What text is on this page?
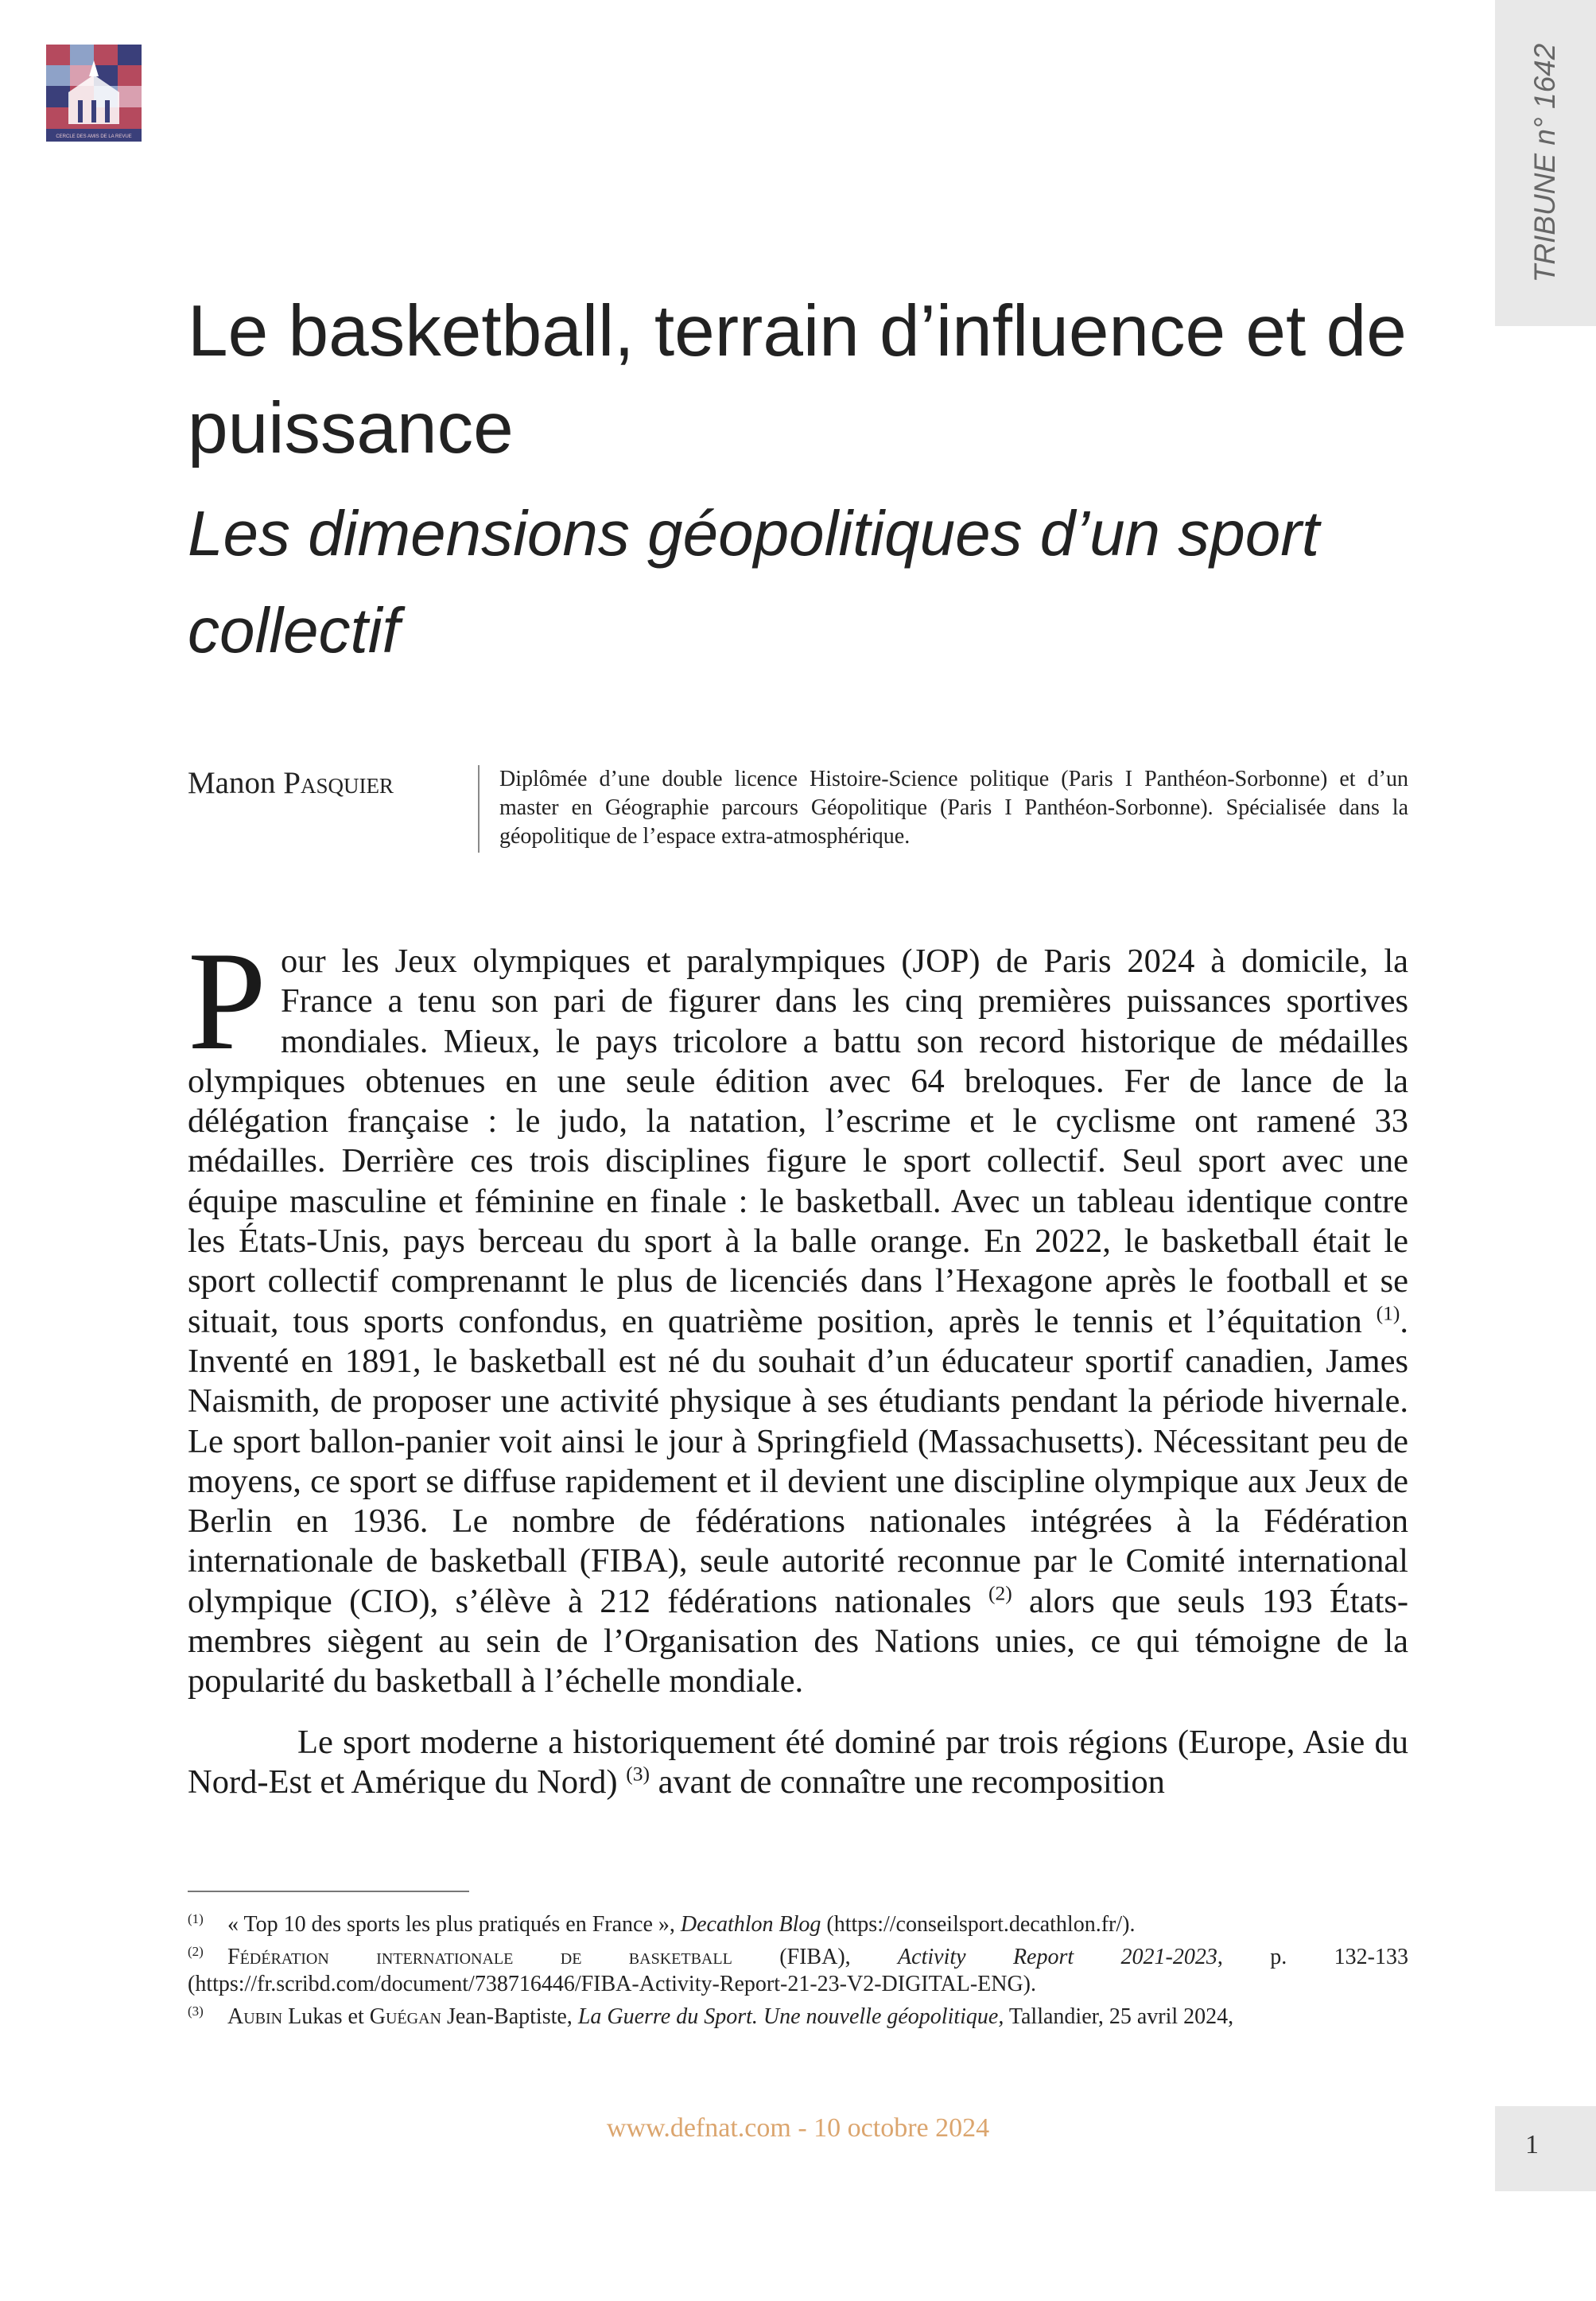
CERCLE DES AMIS DE LA REVUE	TRIBUNE n° 1642
Le basketball, terrain d’influence et de puissance
Les dimensions géopolitiques d’un sport collectif
Manon Pasquier	Diplômée d’une double licence Histoire-Science politique (Paris I Panthéon-Sorbonne) et d’un master en Géographie parcours Géopolitique (Paris I Panthéon-Sorbonne). Spécialisée dans la géopolitique de l’espace extra-atmosphérique.

Pour les Jeux olympiques et paralympiques (JOP) de Paris 2024 à domicile, la France a tenu son pari de figurer dans les cinq premières puissances sportives mondiales. Mieux, le pays tricolore a battu son record historique de médailles olympiques obtenues en une seule édition avec 64 breloques. Fer de lance de la délégation française : le judo, la natation, l’escrime et le cyclisme ont ramené 33 médailles. Derrière ces trois disciplines figure le sport collectif. Seul sport avec une équipe masculine et féminine en finale : le basketball. Avec un tableau identique contre les États-Unis, pays berceau du sport à la balle orange. En 2022, le basketball était le sport collectif comprenannt le plus de licenciés dans l’Hexagone après le football et se situait, tous sports confondus, en quatrième position, après le tennis et l’équitation $^{(1)}$. Inventé en 1891, le basketball est né du souhait d’un éducateur sportif canadien, James Naismith, de proposer une activité physique à ses étudiants pendant la période hivernale. Le sport ballon-panier voit ainsi le jour à Springfield (Massachusetts). Nécessitant peu de moyens, ce sport se diffuse rapidement et il devient une discipline olympique aux Jeux de Berlin en 1936. Le nombre de fédérations nationales intégrées à la Fédération internationale de basketball (FIBA), seule autorité reconnue par le Comité international olympique (CIO), s’élève à 212 fédérations nationales $^{(2)}$ alors que seuls 193 États-membres siègent au sein de l’Organisation des Nations unies, ce qui témoigne de la popularité du basketball à l’échelle mondiale.

Le sport moderne a historiquement été dominé par trois régions (Europe, Asie du Nord-Est et Amérique du Nord) $^{(3)}$ avant de connaître une recomposition

(1) « Top 10 des sports les plus pratiqués en France », Decathlon Blog (https://conseilsport.decathlon.fr/).

(2) Fédération internationale de basketball (FIBA), Activity Report 2021-2023, p. 132-133 (https://fr.scribd.com/document/738716446/FIBA-Activity-Report-21-23-V2-DIGITAL-ENG).

(3) Aubin Lukas et Guégan Jean-Baptiste, La Guerre du Sport. Une nouvelle géopolitique, Tallandier, 25 avril 2024,

www.defnat.com - 10 octobre 2024
1
